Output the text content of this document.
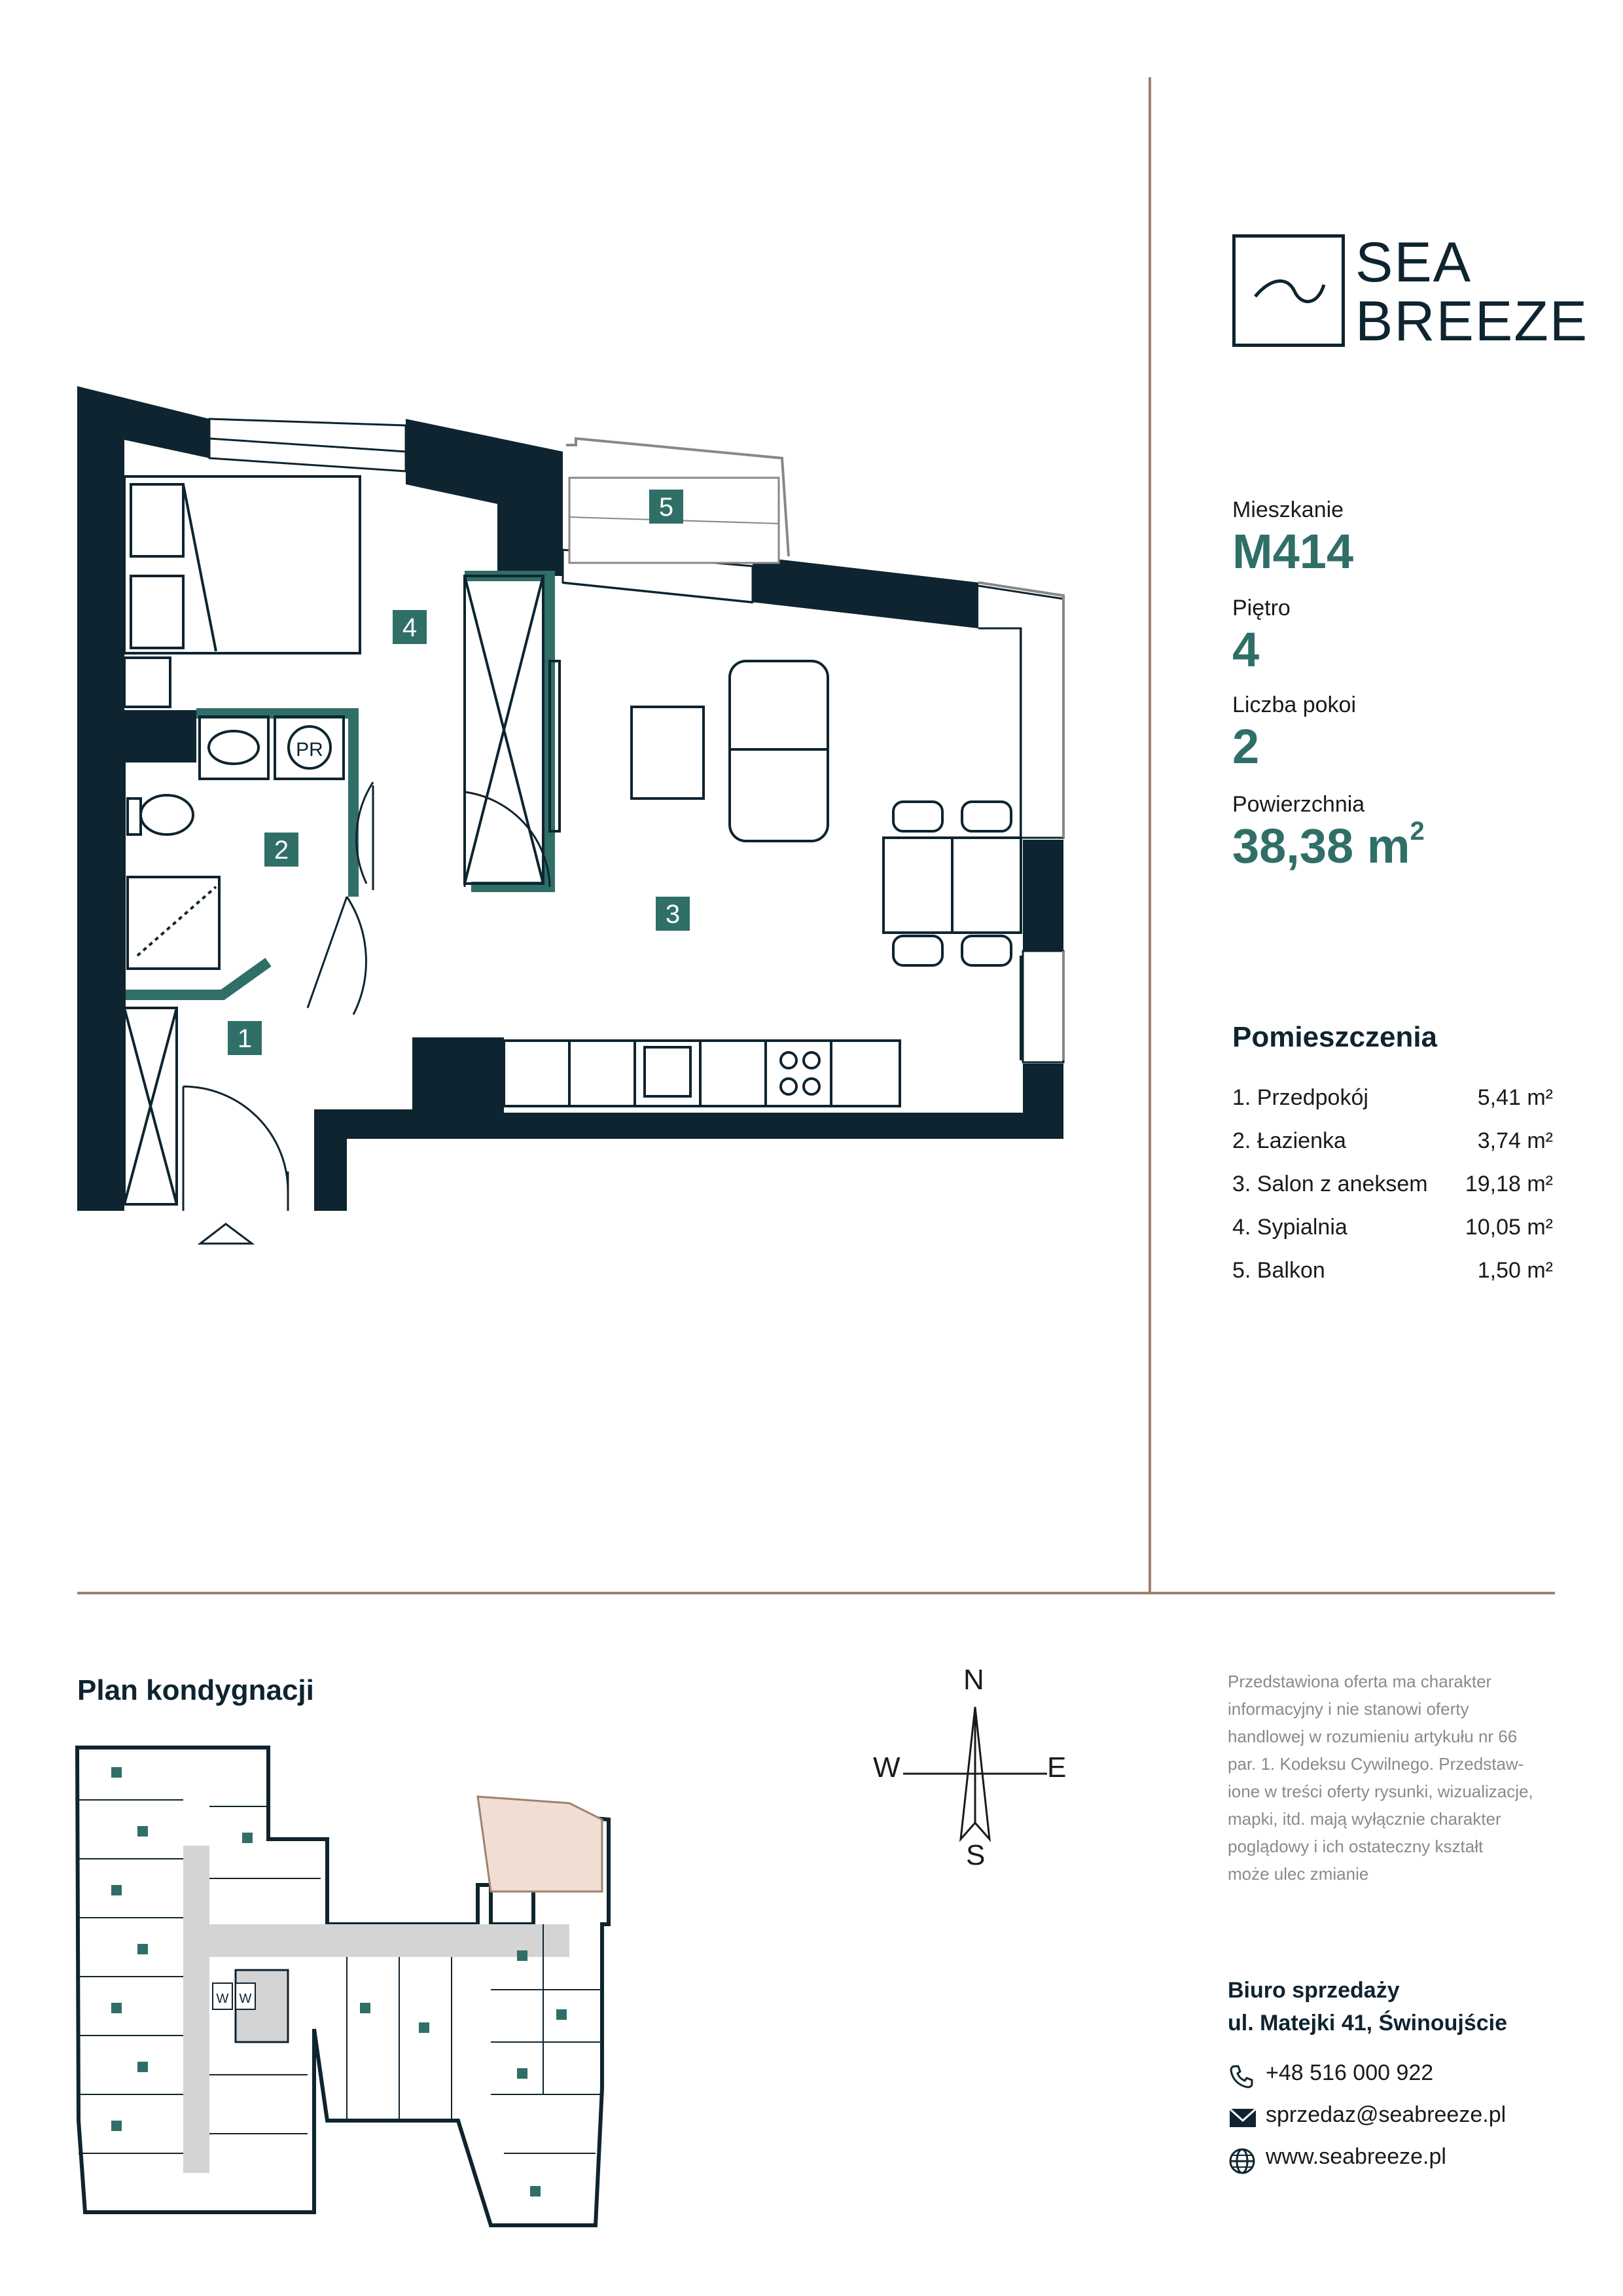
SEA
BREEZE
Mieszkanie
M414
Piętro
4
Liczba pokoi
2
Powierzchnia
38,38 $m^2$
Pomieszczenia
1. Przedpokój	5,41 m²
2. Łazienka	3,74 m²
3. Salon z aneksem 19,18 m²
4. Sypialnia	10,05 m²
5. Balkon	1,50 m²
PR
1
2
3
4
5
Plan kondygnacji
W W
N
W	E
S
Przedstawiona oferta ma charakter
informacyjny i nie stanowi oferty
handlowej w rozumieniu artykułu nr 66
par. 1. Kodeksu Cywilnego. Przedstaw-
ione w treści oferty rysunki, wizualizacje,
mapki, itd. mają wyłącznie charakter
poglądowy i ich ostateczny kształt
może ulec zmianie
Biuro sprzedaży
ul. Matejki 41, Świnoujście
+48 516 000 922
sprzedaz@seabreeze.pl
www.seabreeze.pl
